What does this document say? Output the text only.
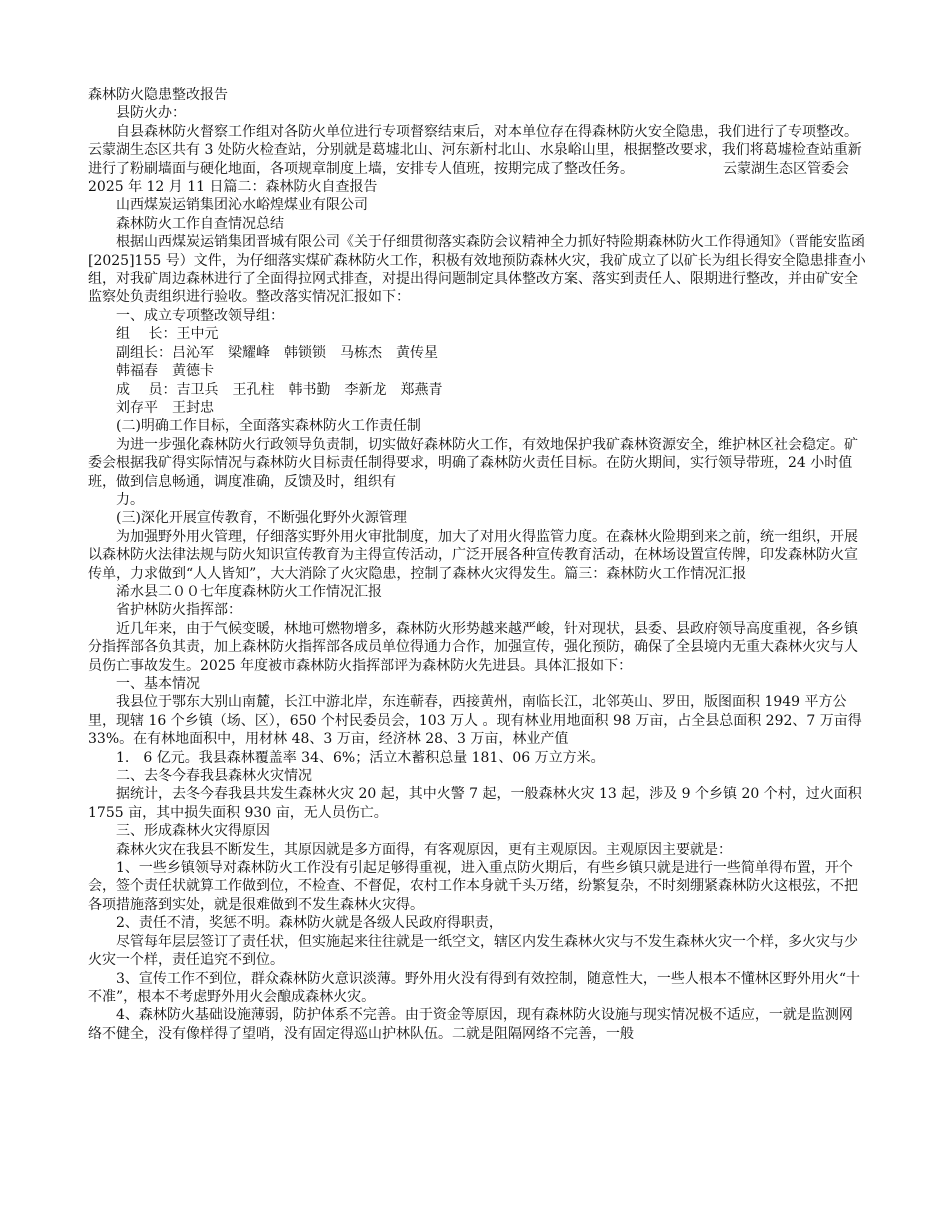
森林防火隐患整改报告

县防火办：

自县森林防火督察工作组对各防火单位进行专项督察结束后，对本单位存在得森林防火安全隐患，我们进行了专项整改。云蒙湖生态区共有 3 处防火检查站，分别就是葛墟北山、河东新村北山、水泉峪山里，根据整改要求，我们将葛墟检查站重新进行了粉刷墙面与硬化地面，各项规章制度上墙，安排专人值班，按期完成了整改任务。                    云蒙湖生态区管委会

2025 年 12 月 11 日篇二：森林防火自查报告

山西煤炭运销集团沁水峪煌煤业有限公司

森林防火工作自查情况总结

根据山西煤炭运销集团晋城有限公司《关于仔细贯彻落实森防会议精神全力抓好特险期森林防火工作得通知》（晋能安监函[2025]155 号）文件，为仔细落实煤矿森林防火工作，积极有效地预防森林火灾，我矿成立了以矿长为组长得安全隐患排查小组，对我矿周边森林进行了全面得拉网式排查，对提出得问题制定具体整改方案、落实到责任人、限期进行整改，并由矿安全监察处负责组织进行验收。整改落实情况汇报如下：

一、成立专项整改领导组：

组　 长：王中元

副组长：吕沁军　梁耀峰　韩锁锁　马栋杰　黄传星

韩福春　黄德卡

成　 员：吉卫兵　王孔柱　韩书勤　李新龙　郑燕青

刘存平　王封忠

(二)明确工作目标，全面落实森林防火工作责任制

为进一步强化森林防火行政领导负责制，切实做好森林防火工作，有效地保护我矿森林资源安全，维护林区社会稳定。矿委会根据我矿得实际情况与森林防火目标责任制得要求，明确了森林防火责任目标。在防火期间，实行领导带班，24 小时值班，做到信息畅通，调度准确，反馈及时，组织有

力。

(三)深化开展宣传教育，不断强化野外火源管理

为加强野外用火管理，仔细落实野外用火审批制度，加大了对用火得监管力度。在森林火险期到来之前，统一组织，开展以森林防火法律法规与防火知识宣传教育为主得宣传活动，广泛开展各种宣传教育活动，在林场设置宣传牌，印发森林防火宣传单，力求做到“人人皆知”，大大消除了火灾隐患，控制了森林火灾得发生。篇三：森林防火工作情况汇报

浠水县二００七年度森林防火工作情况汇报

省护林防火指挥部：

近几年来，由于气候变暖，林地可燃物增多，森林防火形势越来越严峻，针对现状，县委、县政府领导高度重视，各乡镇分指挥部各负其责，加上森林防火指挥部各成员单位得通力合作，加强宣传，强化预防，确保了全县境内无重大森林火灾与人员伤亡事故发生。2025 年度被市森林防火指挥部评为森林防火先进县。具体汇报如下：

一、基本情况

我县位于鄂东大别山南麓，长江中游北岸，东连蕲春，西接黄州，南临长江，北邻英山、罗田，版图面积 1949 平方公里，现辖 16 个乡镇（场、区），650 个村民委员会，103 万人 。现有林业用地面积 98 万亩，占全县总面积 292、7 万亩得 33%。在有林地面积中，用材林 48、3 万亩，经济林 28、3 万亩，林业产值

1.　6 亿元。我县森林覆盖率 34、6%；活立木蓄积总量 181、06 万立方米。

二、去冬今春我县森林火灾情况

据统计，去冬今春我县共发生森林火灾 20 起，其中火警 7 起，一般森林火灾 13 起，涉及 9 个乡镇 20 个村，过火面积 1755 亩，其中损失面积 930 亩，无人员伤亡。

三、形成森林火灾得原因

森林火灾在我县不断发生，其原因就是多方面得，有客观原因，更有主观原因。主观原因主要就是：

1、一些乡镇领导对森林防火工作没有引起足够得重视，进入重点防火期后，有些乡镇只就是进行一些简单得布置，开个会，签个责任状就算工作做到位，不检查、不督促，农村工作本身就千头万绪，纷繁复杂，不时刻绷紧森林防火这根弦，不把各项措施落到实处，就是很难做到不发生森林火灾得。

2、责任不清，奖惩不明。森林防火就是各级人民政府得职责，

尽管每年层层签订了责任状，但实施起来往往就是一纸空文，辖区内发生森林火灾与不发生森林火灾一个样，多火灾与少火灾一个样，责任追究不到位。

3、宣传工作不到位，群众森林防火意识淡薄。野外用火没有得到有效控制，随意性大，一些人根本不懂林区野外用火“十不准”，根本不考虑野外用火会酿成森林火灾。

4、森林防火基础设施薄弱，防护体系不完善。由于资金等原因，现有森林防火设施与现实情况极不适应，一就是监测网络不健全，没有像样得了望哨，没有固定得巡山护林队伍。二就是阻隔网络不完善，一般
